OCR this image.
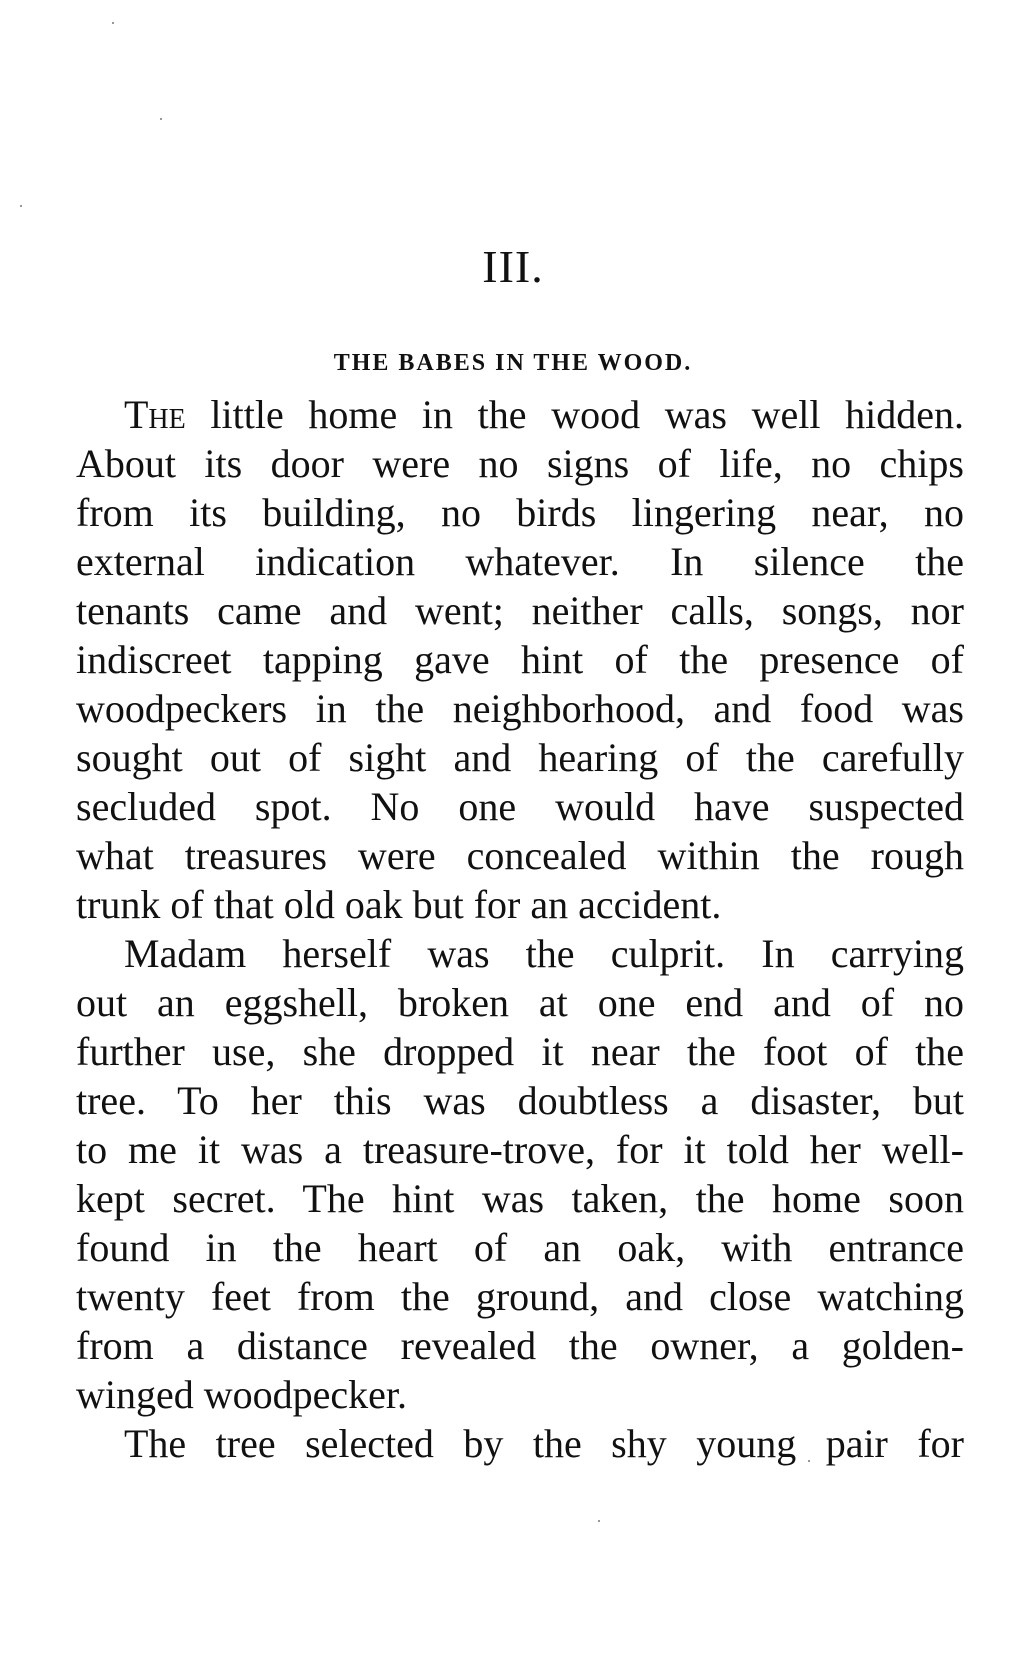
III.
THE BABES IN THE WOOD.
The little home in the wood was well hidden.
About its door were no signs of life, no chips
from its building, no birds lingering near, no
external indication whatever. In silence the
tenants came and went; neither calls, songs, nor
indiscreet tapping gave hint of the presence of
woodpeckers in the neighborhood, and food was
sought out of sight and hearing of the carefully
secluded spot. No one would have suspected
what treasures were concealed within the rough
trunk of that old oak but for an accident.
Madam herself was the culprit. In carrying
out an eggshell, broken at one end and of no
further use, she dropped it near the foot of the
tree. To her this was doubtless a disaster, but
to me it was a treasure-trove, for it told her well-
kept secret. The hint was taken, the home soon
found in the heart of an oak, with entrance
twenty feet from the ground, and close watching
from a distance revealed the owner, a golden-
winged woodpecker.
The tree selected by the shy young pair for
